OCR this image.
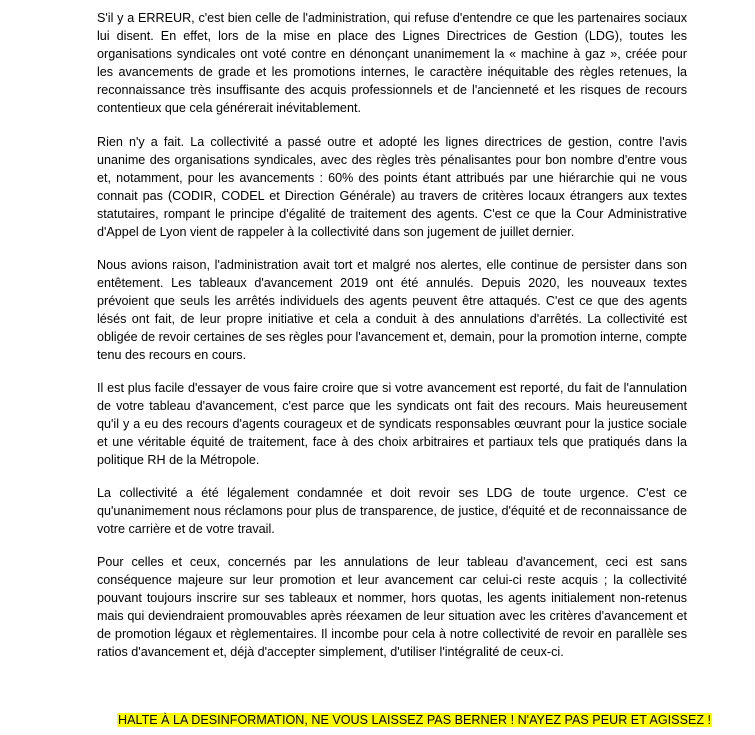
S'il y a ERREUR, c'est bien celle de l'administration, qui refuse d'entendre ce que les partenaires sociaux lui disent. En effet, lors de la mise en place des Lignes Directrices de Gestion (LDG), toutes les organisations syndicales ont voté contre en dénonçant unanimement la « machine à gaz », créée pour les avancements de grade et les promotions internes, le caractère inéquitable des règles retenues, la reconnaissance très insuffisante des acquis professionnels et de l'ancienneté et les risques de recours contentieux que cela générerait inévitablement.

Rien n'y a fait. La collectivité a passé outre et adopté les lignes directrices de gestion, contre l'avis unanime des organisations syndicales, avec des règles très pénalisantes pour bon nombre d'entre vous et, notamment, pour les avancements : 60% des points étant attribués par une hiérarchie qui ne vous connait pas (CODIR, CODEL et Direction Générale) au travers de critères locaux étrangers aux textes statutaires, rompant le principe d'égalité de traitement des agents. C'est ce que la Cour Administrative d'Appel de Lyon vient de rappeler à la collectivité dans son jugement de juillet dernier.

Nous avions raison, l'administration avait tort et malgré nos alertes, elle continue de persister dans son entêtement. Les tableaux d'avancement 2019 ont été annulés. Depuis 2020, les nouveaux textes prévoient que seuls les arrêtés individuels des agents peuvent être attaqués. C'est ce que des agents lésés ont fait, de leur propre initiative et cela a conduit à des annulations d'arrêtés. La collectivité est obligée de revoir certaines de ses règles pour l'avancement et, demain, pour la promotion interne, compte tenu des recours en cours.

Il est plus facile d'essayer de vous faire croire que si votre avancement est reporté, du fait de l'annulation de votre tableau d'avancement, c'est parce que les syndicats ont fait des recours. Mais heureusement qu'il y a eu des recours d'agents courageux et de syndicats responsables œuvrant pour la justice sociale et une véritable équité de traitement, face à des choix arbitraires et partiaux tels que pratiqués dans la politique RH de la Métropole.

La collectivité a été légalement condamnée et doit revoir ses LDG de toute urgence. C'est ce qu'unanimement nous réclamons pour plus de transparence, de justice, d'équité et de reconnaissance de votre carrière et de votre travail.

Pour celles et ceux, concernés par les annulations de leur tableau d'avancement, ceci est sans conséquence majeure sur leur promotion et leur avancement car celui-ci reste acquis ; la collectivité pouvant toujours inscrire sur ses tableaux et nommer, hors quotas, les agents initialement non-retenus mais qui deviendraient promouvables après réexamen de leur situation avec les critères d'avancement et de promotion légaux et règlementaires. Il incombe pour cela à notre collectivité de revoir en parallèle ses ratios d'avancement et, déjà d'accepter simplement, d'utiliser l'intégralité de ceux-ci.

HALTE À LA DESINFORMATION, NE VOUS LAISSEZ PAS BERNER ! N'AYEZ PAS PEUR ET AGISSEZ !
